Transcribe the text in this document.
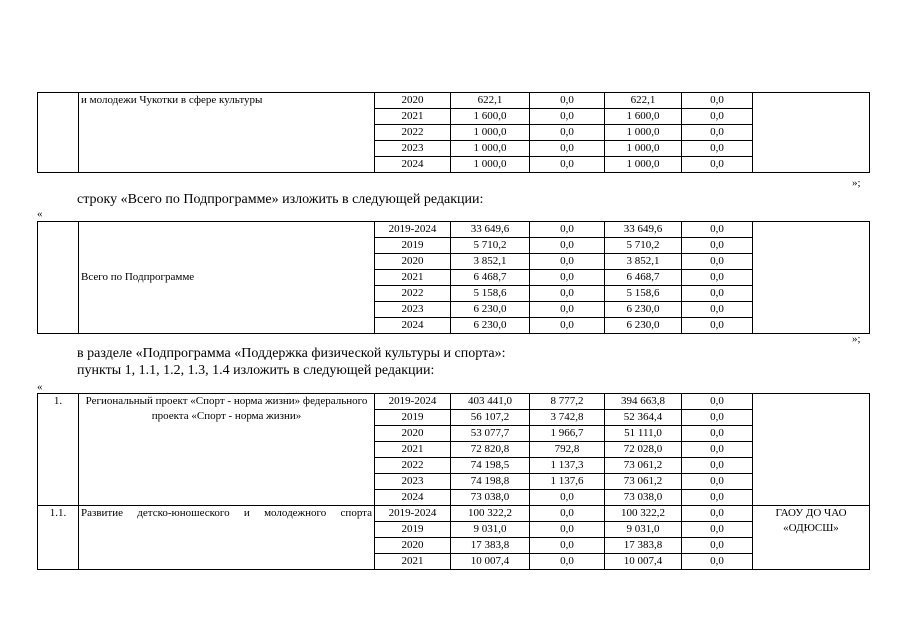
	и молодежи Чукотки в сфере культуры	2020	622,1	0,0	622,1	0,0	
		2021	1 600,0	0,0	1 600,0	0,0	
		2022	1 000,0	0,0	1 000,0	0,0	
		2023	1 000,0	0,0	1 000,0	0,0	
		2024	1 000,0	0,0	1 000,0	0,0	
»;
строку «Всего по Подпрограмме» изложить в следующей редакции:
«
	Всего по Подпрограмме	2019-2024	33 649,6	0,0	33 649,6	0,0	
		2019	5 710,2	0,0	5 710,2	0,0	
		2020	3 852,1	0,0	3 852,1	0,0	
		2021	6 468,7	0,0	6 468,7	0,0	
		2022	5 158,6	0,0	5 158,6	0,0	
		2023	6 230,0	0,0	6 230,0	0,0	
		2024	6 230,0	0,0	6 230,0	0,0	
»;
в разделе «Подпрограмма «Поддержка физической культуры и спорта»:
пункты 1, 1.1, 1.2, 1.3, 1.4 изложить в следующей редакции:
«
1.	Региональный проект «Спорт - норма жизни» федерального проекта «Спорт - норма жизни»	2019-2024	403 441,0	8 777,2	394 663,8	0,0	
		2019	56 107,2	3 742,8	52 364,4	0,0	
		2020	53 077,7	1 966,7	51 111,0	0,0	
		2021	72 820,8	792,8	72 028,0	0,0	
		2022	74 198,5	1 137,3	73 061,2	0,0	
		2023	74 198,8	1 137,6	73 061,2	0,0	
		2024	73 038,0	0,0	73 038,0	0,0	
1.1.	Развитие детско-юношеского и молодежного спорта	2019-2024	100 322,2	0,0	100 322,2	0,0	ГАОУ ДО ЧАО «ОДЮСШ»
		2019	9 031,0	0,0	9 031,0	0,0	
		2020	17 383,8	0,0	17 383,8	0,0	
		2021	10 007,4	0,0	10 007,4	0,0	
